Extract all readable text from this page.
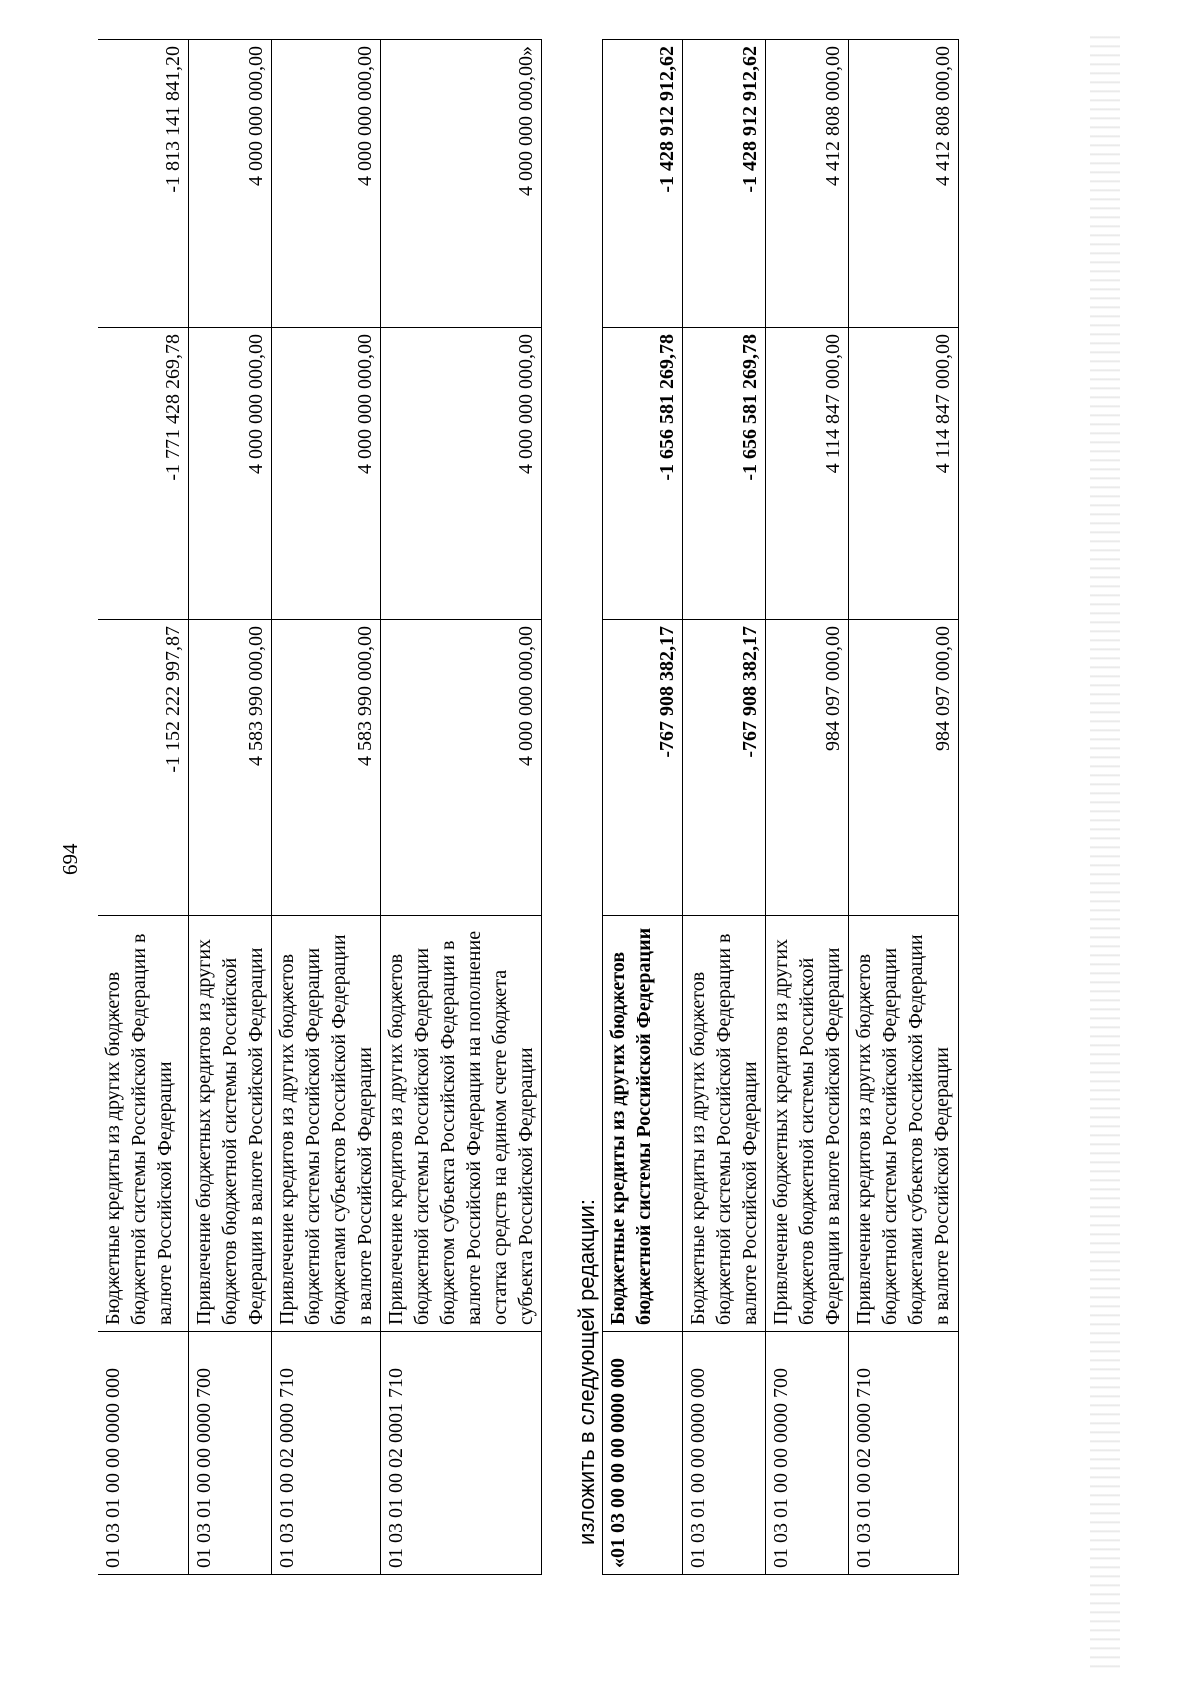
694
01 03 01 00 00 0000 000	Бюджетные кредиты из других бюджетов бюджетной системы Российской Федерации в валюте Российской Федерации	-1 152 222 997,87	-1 771 428 269,78	-1 813 141 841,20
01 03 01 00 00 0000 700	Привлечение бюджетных кредитов из других бюджетов бюджетной системы Российской Федерации в валюте Российской Федерации	4 583 990 000,00	4 000 000 000,00	4 000 000 000,00
01 03 01 00 02 0000 710	Привлечение кредитов из других бюджетов бюджетной системы Российской Федерации бюджетами субъектов Российской Федерации в валюте Российской Федерации	4 583 990 000,00	4 000 000 000,00	4 000 000 000,00
01 03 01 00 02 0001 710	Привлечение кредитов из других бюджетов бюджетной системы Российской Федерации бюджетом субъекта Российской Федерации в валюте Российской Федерации на пополнение остатка средств на едином счете бюджета субъекта Российской Федерации	4 000 000 000,00	4 000 000 000,00	4 000 000 000,00»
изложить в следующей редакции: «01 03 00 00 00 0000 000	Бюджетные кредиты из других бюджетов бюджетной системы Российской Федерации	-767 908 382,17	-1 656 581 269,78	-1 428 912 912,62
01 03 01 00 00 0000 000	Бюджетные кредиты из других бюджетов бюджетной системы Российской Федерации в валюте Российской Федерации	-767 908 382,17	-1 656 581 269,78	-1 428 912 912,62
01 03 01 00 00 0000 700	Привлечение бюджетных кредитов из других бюджетов бюджетной системы Российской Федерации в валюте Российской Федерации	984 097 000,00	4 114 847 000,00	4 412 808 000,00
01 03 01 00 02 0000 710	Привлечение кредитов из других бюджетов бюджетной системы Российской Федерации бюджетами субъектов Российской Федерации в валюте Российской Федерации	984 097 000,00	4 114 847 000,00	4 412 808 000,00
